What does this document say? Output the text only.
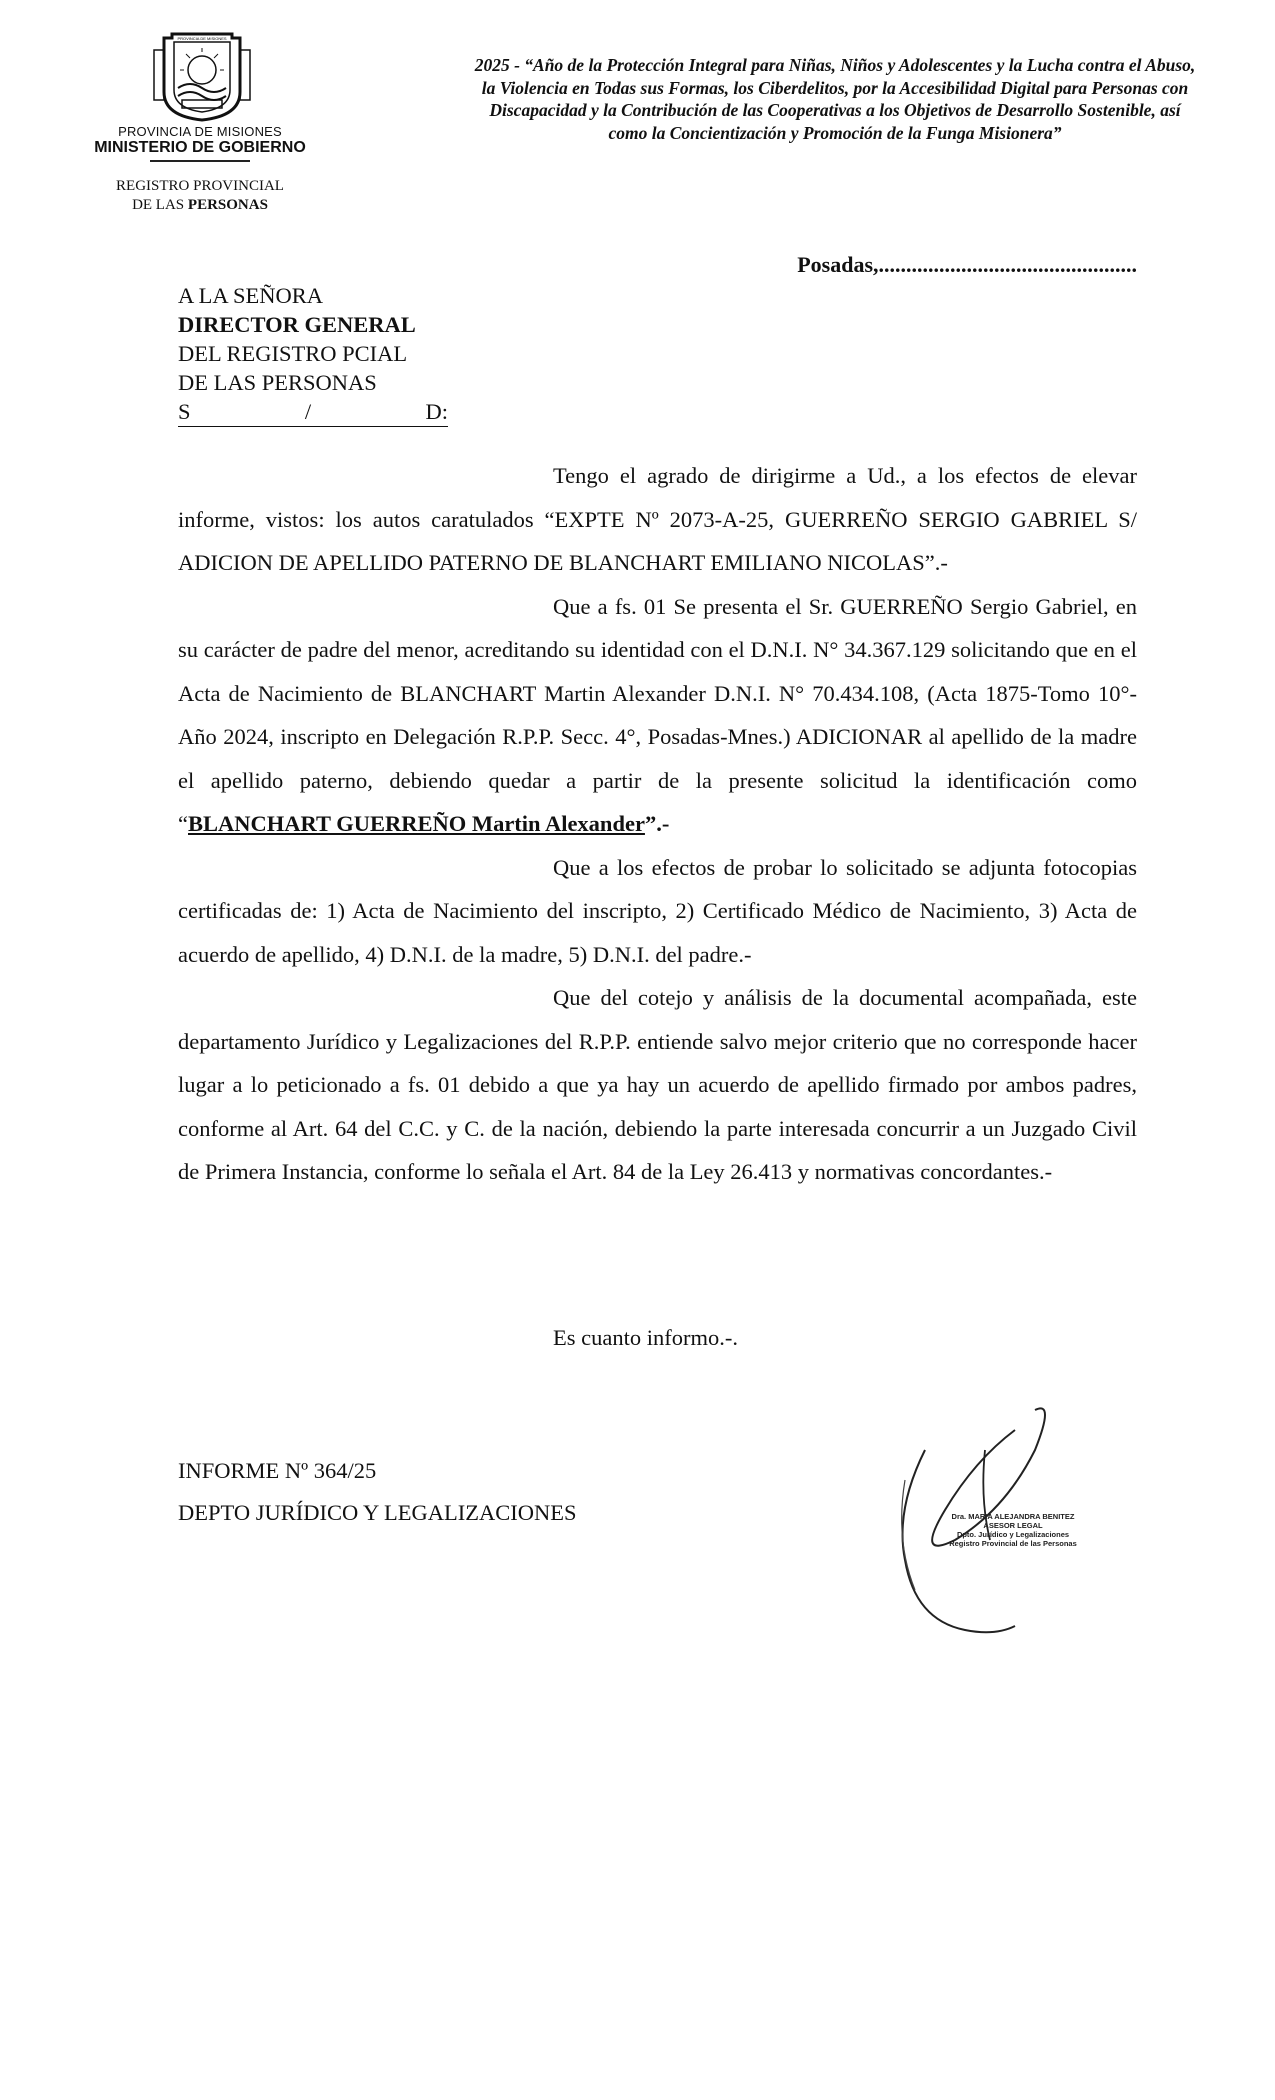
PROVINCIA DE MISIONES
PROVINCIA DE MISIONES
MINISTERIO DE GOBIERNO
REGISTRO PROVINCIAL
DE LAS PERSONAS
2025 - “Año de la Protección Integral para Niñas, Niños y Adolescentes y la Lucha contra el Abuso, la Violencia en Todas sus Formas, los Ciberdelitos, por la Accesibilidad Digital para Personas con Discapacidad y la Contribución de las Cooperativas a los Objetivos de Desarrollo Sostenible, así como la Concientización y Promoción de la Funga Misionera”
Posadas,...............................................
A LA SEÑORA
DIRECTOR GENERAL
DEL REGISTRO PCIAL
DE LAS PERSONAS
S	/	D:

Tengo el agrado de dirigirme a Ud., a los efectos de elevar informe, vistos: los autos caratulados “EXPTE Nº 2073-A-25, GUERREÑO SERGIO GABRIEL S/ ADICION DE APELLIDO PATERNO DE BLANCHART EMILIANO NICOLAS”.-

Que a fs. 01 Se presenta el Sr. GUERREÑO Sergio Gabriel, en su carácter de padre del menor, acreditando su identidad con el D.N.I. N° 34.367.129 solicitando que en el Acta de Nacimiento de BLANCHART Martin Alexander D.N.I. N° 70.434.108, (Acta 1875-Tomo 10°-Año 2024, inscripto en Delegación R.P.P. Secc. 4°, Posadas-Mnes.) ADICIONAR al apellido de la madre el apellido paterno, debiendo quedar a partir de la presente solicitud la identificación como “BLANCHART GUERREÑO Martin Alexander”.-

Que a los efectos de probar lo solicitado se adjunta fotocopias certificadas de: 1) Acta de Nacimiento del inscripto, 2) Certificado Médico de Nacimiento, 3) Acta de acuerdo de apellido, 4) D.N.I. de la madre, 5) D.N.I. del padre.-

Que del cotejo y análisis de la documental acompañada, este departamento Jurídico y Legalizaciones del R.P.P. entiende salvo mejor criterio que no corresponde hacer lugar a lo peticionado a fs. 01 debido a que ya hay un acuerdo de apellido firmado por ambos padres, conforme al Art. 64 del C.C. y C. de la nación, debiendo la parte interesada concurrir a un Juzgado Civil de Primera Instancia, conforme lo señala el Art. 84 de la Ley 26.413 y normativas concordantes.-

Es cuanto informo.-.
INFORME Nº 364/25
DEPTO JURÍDICO Y LEGALIZACIONES	Dra. MARIA ALEJANDRA BENITEZ
ASESOR LEGAL
Dpto. Jurídico y Legalizaciones
Registro Provincial de las Personas
